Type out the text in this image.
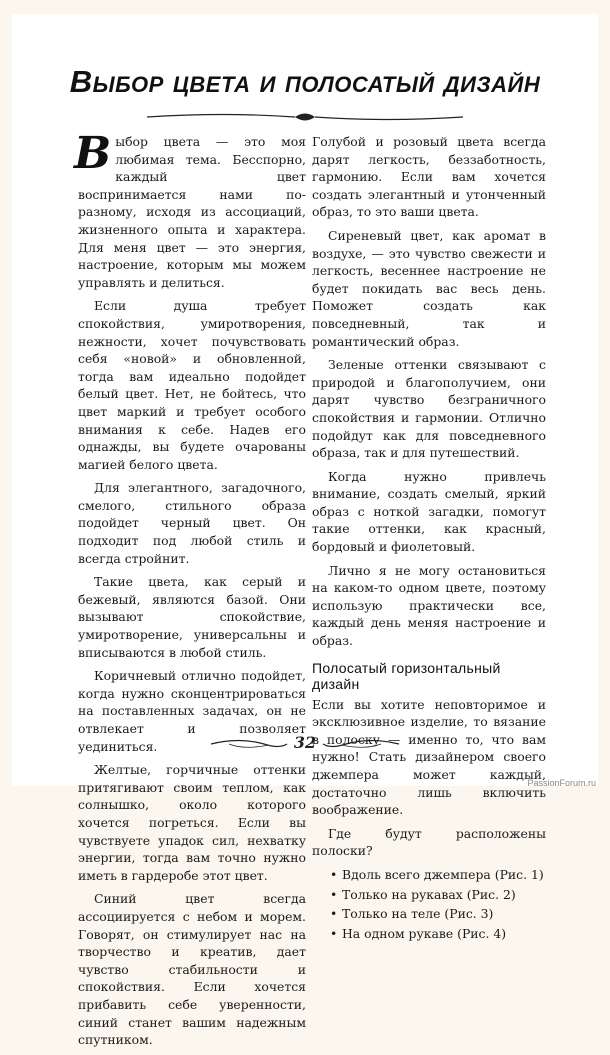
Выбор цвета и полосатый дизайн

Выбор цвета — это моя любимая тема. Бесспорно, каждый цвет воспринимается нами по-разному, исходя из ассоциаций, жизненного опыта и характера. Для меня цвет — это энергия, настроение, которым мы можем управлять и делиться.

Если душа требует спокойствия, умиротворения, нежности, хочет почувствовать себя «новой» и обновленной, тогда вам идеально подойдет белый цвет. Нет, не бойтесь, что цвет маркий и требует особого внимания к себе. Надев его однажды, вы будете очарованы магией белого цвета.

Для элегантного, загадочного, смелого, стильного образа подойдет черный цвет. Он подходит под любой стиль и всегда стройнит.

Такие цвета, как серый и бежевый, являются базой. Они вызывают спокойствие, умиротворение, универсальны и вписываются в любой стиль.

Коричневый отлично подойдет, когда нужно сконцентрироваться на поставленных задачах, он не отвлекает и позволяет уединиться.

Желтые, горчичные оттенки притягивают своим теплом, как солнышко, около которого хочется погреться. Если вы чувствуете упадок сил, нехватку энергии, тогда вам точно нужно иметь в гардеробе этот цвет.

Синий цвет всегда ассоциируется с небом и морем. Говорят, он стимулирует нас на творчество и креатив, дает чувство стабильности и спокойствия. Если хочется прибавить себе уверенности, синий станет вашим надежным спутником.

Голубой и розовый цвета всегда дарят легкость, беззаботность, гармонию. Если вам хочется создать элегантный и утонченный образ, то это ваши цвета.

Сиреневый цвет, как аромат в воздухе, — это чувство свежести и легкость, весеннее настроение не будет покидать вас весь день. Поможет создать как повседневный, так и романтический образ.

Зеленые оттенки связывают с природой и благополучием, они дарят чувство безграничного спокойствия и гармонии. Отлично подойдут как для повседневного образа, так и для путешествий.

Когда нужно привлечь внимание, создать смелый, яркий образ с ноткой загадки, помогут такие оттенки, как красный, бордовый и фиолетовый.

Лично я не могу остановиться на каком-то одном цвете, поэтому использую практически все, каждый день меняя настроение и образ.

Полосатый горизонтальный дизайн

Если вы хотите неповторимое и эксклюзивное изделие, то вязание в полоску — именно то, что вам нужно! Стать дизайнером своего джемпера может каждый, достаточно лишь включить воображение.

Где будут расположены полоски?

• Вдоль всего джемпера (Рис. 1)
• Только на рукавах (Рис. 2)
• Только на теле (Рис. 3)
• На одном рукаве (Рис. 4)
32
PassionForum.ru
